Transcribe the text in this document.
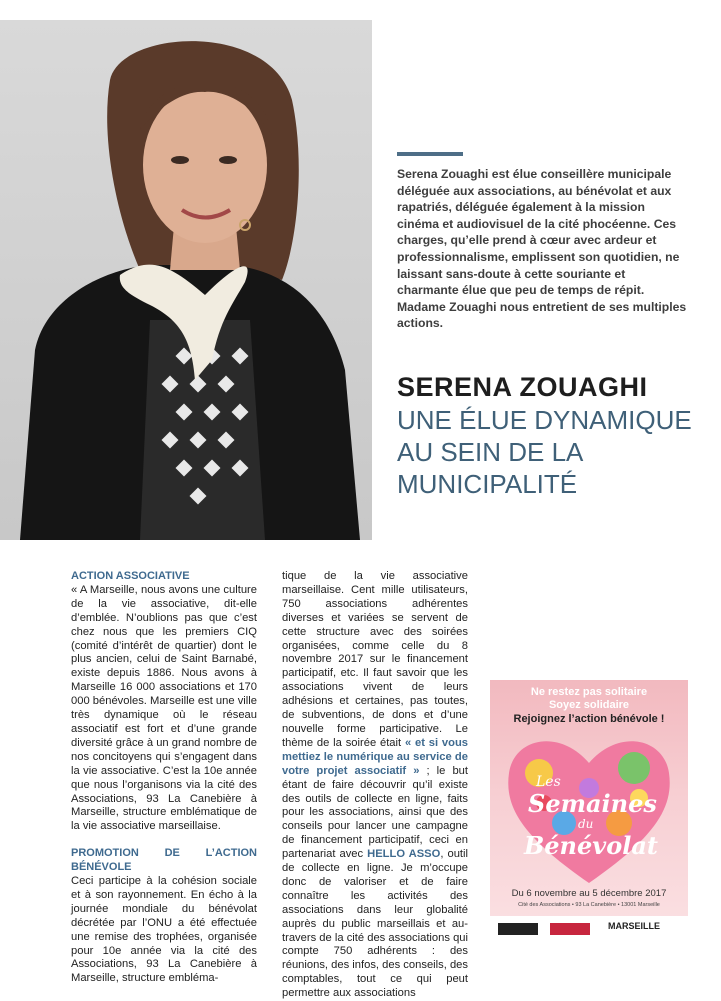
Serena Zouaghi est élue conseillère municipale déléguée aux associations, au bénévolat et aux rapatriés, déléguée également à la mission cinéma et audiovisuel de la cité phocéenne. Ces charges, qu’elle prend à cœur avec ardeur et professionnalisme, emplissent son quotidien, ne laissant sans-doute à cette souriante et charmante élue que peu de temps de répit. Madame Zouaghi nous entretient de ses multiples actions.

SERENA ZOUAGHI
UNE ÉLUE DYNAMIQUE AU SEIN DE LA MUNICIPALITÉ

ACTION ASSOCIATIVE

« A Marseille, nous avons une culture de la vie associative, dit-elle d’emblée. N’oublions pas que c’est chez nous que les premiers CIQ (comité d’intérêt de quartier) dont le plus ancien, celui de Saint Barnabé, existe depuis 1886. Nous avons à Marseille 16 000 associations et 170 000 bénévoles. Marseille est une ville très dynamique où le réseau associatif est fort et d’une grande diversité grâce à un grand nombre de nos concitoyens qui s’engagent dans la vie associative. C’est la 10e année que nous l’organisons via la cité des Associations, 93 La Canebière à Marseille, structure emblématique de la vie associative marseillaise.

PROMOTION DE L’ACTION BÉNÉVOLE

Ceci participe à la cohésion sociale et à son rayonnement. En écho à la journée mondiale du bénévolat décrétée par l’ONU a été effectuée une remise des trophées, organisée pour 10e année via la cité des Associations, 93 La Canebière à Marseille, structure embléma-

tique de la vie associative marseillaise. Cent mille utilisateurs, 750 associations adhérentes diverses et variées se servent de cette structure avec des soirées organisées, comme celle du 8 novembre 2017 sur le financement participatif, etc. Il faut savoir que les associations vivent de leurs adhésions et certaines, pas toutes, de subventions, de dons et d’une nouvelle forme participative. Le thème de la soirée était « et si vous mettiez le numérique au service de votre projet associatif » ; le but étant de faire découvrir qu’il existe des outils de collecte en ligne, faits pour les associations, ainsi que des conseils pour lancer une campagne de financement participatif, ceci en partenariat avec HELLO ASSO, outil de collecte en ligne. Je m’occupe donc de valoriser et de faire connaître les activités des associations dans leur globalité auprès du public marseillais et au-travers de la cité des associations qui compte 750 adhérents : des réunions, des infos, des conseils, des comptables, tout ce qui peut permettre aux associations

Ne restez pas solitaire

Soyez solidaire

Rejoignez l’action bénévole !

Les
Semaines
du
Bénévolat

Du 6 novembre au 5 décembre 2017

Cité des Associations • 93 La Canebière • 13001 Marseille

MARSEILLE
